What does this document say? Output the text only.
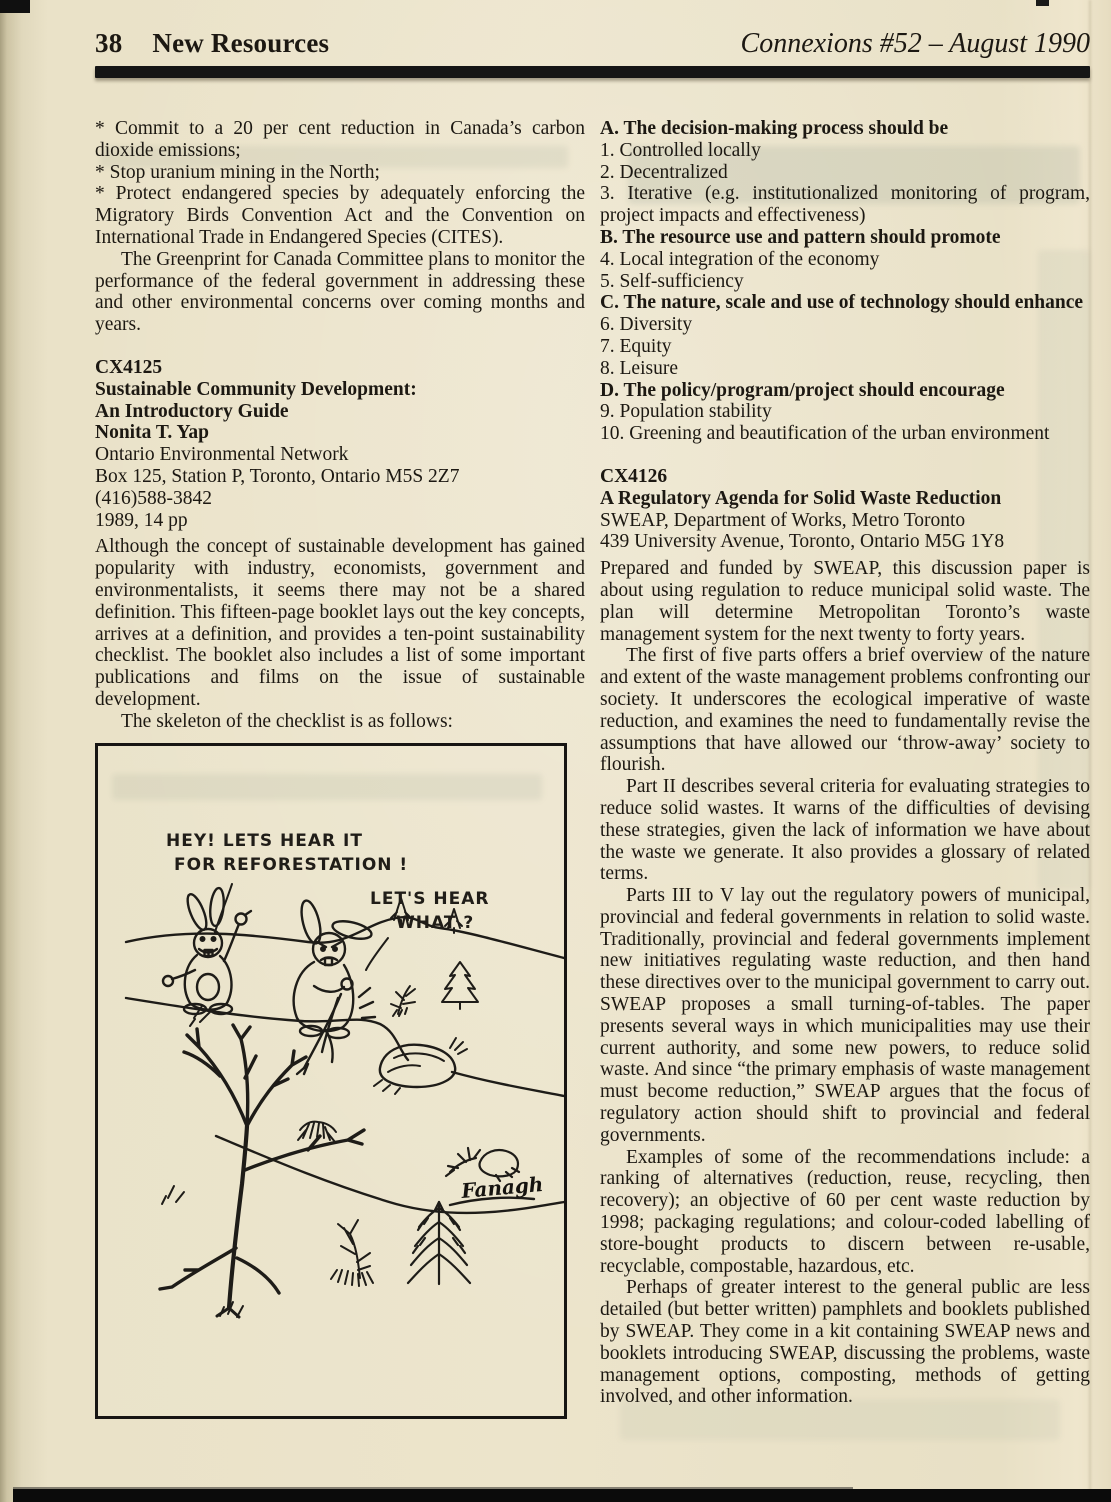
38 New Resources	Connexions #52 – August 1990

* Commit to a 20 per cent reduction in Canada’s carbon dioxide emissions;

* Stop uranium mining in the North;

* Protect endangered species by adequately enforcing the Migratory Birds Convention Act and the Convention on International Trade in Endangered Species (CITES).

The Greenprint for Canada Committee plans to monitor the performance of the federal government in addressing these and other environmental concerns over coming months and years.

CX4125

Sustainable Community Development:

An Introductory Guide

Nonita T. Yap

Ontario Environmental Network

Box 125, Station P, Toronto, Ontario M5S 2Z7

(416)588-3842

1989, 14 pp

Although the concept of sustainable development has gained popularity with industry, economists, government and environmentalists, it seems there may not be a shared definition. This fifteen-page booklet lays out the key concepts, arrives at a definition, and provides a ten-point sustainability checklist. The booklet also includes a list of some important publications and films on the issue of sustainable development.

The skeleton of the checklist is as follows:

HEY! LETS HEAR IT
FOR REFORESTATION !
LET'S HEAR
WHAT ?
Fanagh

A. The decision-making process should be

1. Controlled locally

2. Decentralized

3. Iterative (e.g. institutionalized monitoring of program, project impacts and effectiveness)

B. The resource use and pattern should promote

4. Local integration of the economy

5. Self-sufficiency

C. The nature, scale and use of technology should enhance

6. Diversity

7. Equity

8. Leisure

D. The policy/program/project should encourage

9. Population stability

10. Greening and beautification of the urban environment

CX4126

A Regulatory Agenda for Solid Waste Reduction

SWEAP, Department of Works, Metro Toronto

439 University Avenue, Toronto, Ontario M5G 1Y8

Prepared and funded by SWEAP, this discussion paper is about using regulation to reduce municipal solid waste. The plan will determine Metropolitan Toronto’s waste management system for the next twenty to forty years.

The first of five parts offers a brief overview of the nature and extent of the waste management problems confronting our society. It underscores the ecological imperative of waste reduction, and examines the need to fundamentally revise the assumptions that have allowed our ‘throw-away’ society to flourish.

Part II describes several criteria for evaluating strategies to reduce solid wastes. It warns of the difficulties of devising these strategies, given the lack of information we have about the waste we generate. It also provides a glossary of related terms.

Parts III to V lay out the regulatory powers of municipal, provincial and federal governments in relation to solid waste. Traditionally, provincial and federal governments implement new initiatives regulating waste reduction, and then hand these directives over to the municipal government to carry out. SWEAP proposes a small turning-of-tables. The paper presents several ways in which municipalities may use their current authority, and some new powers, to reduce solid waste. And since “the primary emphasis of waste management must become reduction,” SWEAP argues that the focus of regulatory action should shift to provincial and federal governments.

Examples of some of the recommendations include: a ranking of alternatives (reduction, reuse, recycling, then recovery); an objective of 60 per cent waste reduction by 1998; packaging regulations; and colour-coded labelling of store-bought products to discern between re-usable, recyclable, compostable, hazardous, etc.

Perhaps of greater interest to the general public are less detailed (but better written) pamphlets and booklets published by SWEAP. They come in a kit containing SWEAP news and booklets introducing SWEAP, discussing the problems, waste management options, composting, methods of getting involved, and other information.
